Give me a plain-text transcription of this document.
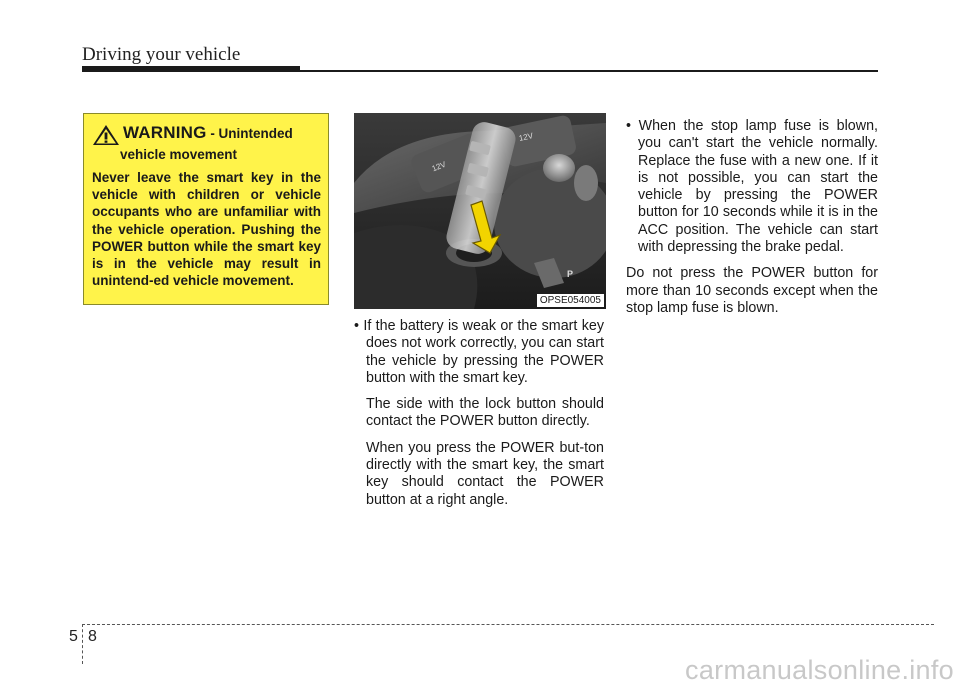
Driving your vehicle
WARNING - Unintended
vehicle movement
Never leave the smart key in the vehicle with children or vehicle occupants who are unfamiliar with the vehicle operation. Pushing the POWER button while the smart key is in the vehicle may result in unintend-ed vehicle movement.
12V
12V
P
OPSE054005

• If the battery is weak or the smart key does not work correctly, you can start the vehicle by pressing the POWER button with the smart key.

The side with the lock button should contact the POWER button directly.

When you press the POWER but-ton directly with the smart key, the smart key should contact the POWER button at a right angle.

• When the stop lamp fuse is blown, you can't start the vehicle normally. Replace the fuse with a new one. If it is not possible, you can start the vehicle by pressing the POWER button for 10 seconds while it is in the ACC position. The vehicle can start with depressing the brake pedal.

Do not press the POWER button for more than 10 seconds except when the stop lamp fuse is blown.

5 8
carmanualsonline.info
